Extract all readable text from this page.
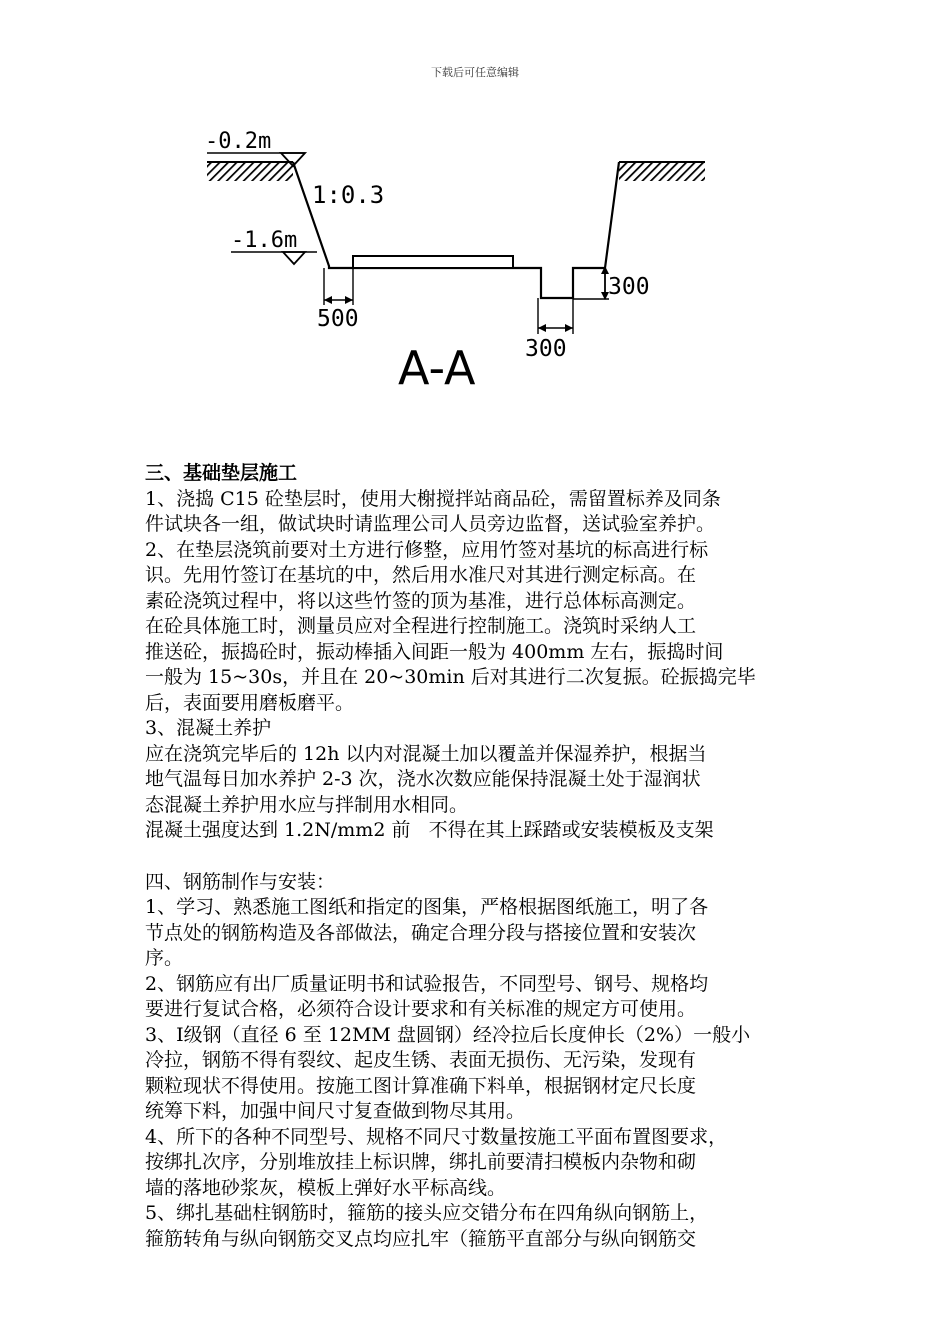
下载后可任意编辑
-0.2m
1:0.3
-1.6m
300
500
300
A-A

三、基础垫层施工

1、浇捣 C15 砼垫层时，使用大榭搅拌站商品砼，需留置标养及同条

件试块各一组，做试块时请监理公司人员旁边监督，送试验室养护。

2、在垫层浇筑前要对土方进行修整，应用竹签对基坑的标高进行标

识。先用竹签订在基坑的中，然后用水准尺对其进行测定标高。在

素砼浇筑过程中，将以这些竹签的顶为基准，进行总体标高测定。

在砼具体施工时，测量员应对全程进行控制施工。浇筑时采纳人工

推送砼，振捣砼时，振动棒插入间距一般为 400mm 左右，振捣时间

一般为 15~30s，并且在 20~30min 后对其进行二次复振。砼振捣完毕

后，表面要用磨板磨平。

3、混凝土养护

应在浇筑完毕后的 12h 以内对混凝土加以覆盖并保湿养护，根据当

地气温每日加水养护 2-3 次，浇水次数应能保持混凝土处于湿润状

态混凝土养护用水应与拌制用水相同。

混凝土强度达到 1.2N/mm2 前   不得在其上踩踏或安装模板及支架

四、钢筋制作与安装：

1、学习、熟悉施工图纸和指定的图集，严格根据图纸施工，明了各

节点处的钢筋构造及各部做法，确定合理分段与搭接位置和安装次

序。

2、钢筋应有出厂质量证明书和试验报告，不同型号、钢号、规格均

要进行复试合格，必须符合设计要求和有关标准的规定方可使用。

3、Ⅰ级钢（直径 6 至 12MM 盘圆钢）经冷拉后长度伸长（2%）一般小

冷拉，钢筋不得有裂纹、起皮生锈、表面无损伤、无污染，发现有

颗粒现状不得使用。按施工图计算准确下料单，根据钢材定尺长度

统筹下料，加强中间尺寸复查做到物尽其用。

4、所下的各种不同型号、规格不同尺寸数量按施工平面布置图要求，

按绑扎次序，分别堆放挂上标识牌，绑扎前要清扫模板内杂物和砌

墙的落地砂浆灰，模板上弹好水平标高线。

5、绑扎基础柱钢筋时，箍筋的接头应交错分布在四角纵向钢筋上，

箍筋转角与纵向钢筋交叉点均应扎牢（箍筋平直部分与纵向钢筋交
